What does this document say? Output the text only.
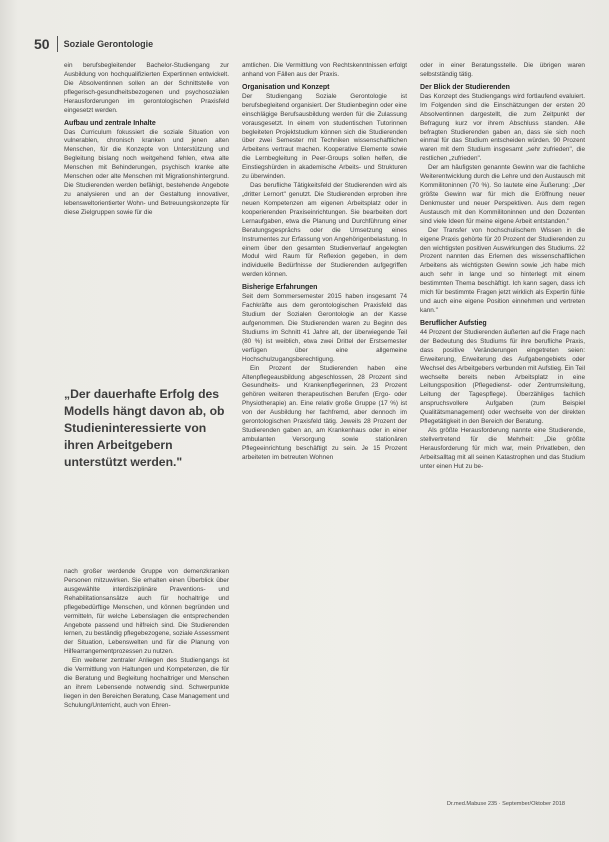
50	Soziale Gerontologie

ein berufsbegleitender Bachelor-Studiengang zur Ausbildung von hochqualifizierten Expertinnen entwickelt. Die Absolventinnen sollen an der Schnittstelle von pflegerisch-gesundheitsbezogenen und psychosozialen Herausforderungen im gerontologischen Praxisfeld eingesetzt werden.

Aufbau und zentrale Inhalte

Das Curriculum fokussiert die soziale Situation von vulnerablen, chronisch kranken und jenen alten Menschen, für die Konzepte von Unterstützung und Begleitung bislang noch weitgehend fehlen, etwa alte Menschen mit Behinderungen, psychisch kranke alte Menschen oder alte Menschen mit Migrationshintergrund. Die Studierenden werden befähigt, bestehende Angebote zu analysieren und an der Gestaltung innovativer, lebensweltorientierter Wohn- und Betreuungskonzepte für diese Zielgruppen sowie für die

„Der dauerhafte Erfolg des Modells hängt davon ab, ob Studieninteressierte von ihren Arbeitgebern unterstützt werden."

nach großer werdende Gruppe von demenzkranken Personen mitzuwirken. Sie erhalten einen Überblick über ausgewählte interdisziplinäre Praventions- und Rehabilitationsansätze auch für hochaltrige und pflegebedürftige Menschen, und können begründen und vermitteln, für welche Lebenslagen die entsprechenden Angebote passend und hilfreich sind. Die Studierenden lernen, zu beständig pflegebezogene, soziale Assessment der Situation, Lebenswelten und für die Planung von Hilfearrangementprozessen zu nutzen.

Ein weiterer zentraler Anliegen des Studiengangs ist die Vermittlung von Haltungen und Kompetenzen, die für die Beratung und Begleitung hochaltriger und Menschen an ihrem Lebensende notwendig sind. Schwerpunkte liegen in den Bereichen Beratung, Case Management und Schulung/Unterricht, auch von Ehren-

amtlichen. Die Vermittlung von Rechtskenntnissen erfolgt anhand von Fällen aus der Praxis.

Organisation und Konzept

Der Studiengang Soziale Gerontologie ist berufsbegleitend organisiert. Der Studienbeginn oder eine einschlägige Berufsausbildung werden für die Zulassung vorausgesetzt. In einem von studentischen Tutorinnen begleiteten Projektstudium können sich die Studierenden über zwei Semester mit Techniken wissenschaftlichen Arbeitens vertraut machen. Kooperative Elemente sowie die Lernbegleitung in Peer-Groups sollen helfen, die Einstiegshürden in akademische Arbeits- und Strukturen zu überwinden.

Das berufliche Tätigkeitsfeld der Studierenden wird als „dritter Lernort" genutzt. Die Studierenden erproben ihre neuen Kompetenzen am eigenen Arbeitsplatz oder in kooperierenden Praxiseinrichtungen. Sie bearbeiten dort Lernaufgaben, etwa die Planung und Durchführung einer Beratungsgesprächs oder die Umsetzung eines Instrumentes zur Erfassung von Angehörigenbelastung. In einem über den gesamten Studienverlauf angelegten Modul wird Raum für Reflexion gegeben, in dem individuelle Bedürfnisse der Studierenden aufgegriffen werden können.

Bisherige Erfahrungen

Seit dem Sommersemester 2015 haben insgesamt 74 Fachkräfte aus dem gerontologischen Praxisfeld das Studium der Sozialen Gerontologie an der Kasse aufgenommen. Die Studierenden waren zu Beginn des Studiums im Schnitt 41 Jahre alt, der überwiegende Teil (80 %) ist weiblich, etwa zwei Drittel der Erstsemester verfügen über eine allgemeine Hochschulzugangsberechtigung.

Ein Prozent der Studierenden haben eine Altenpflegeausbildung abgeschlossen, 28 Prozent sind Gesundheits- und Krankenpflegerinnen, 23 Prozent gehören weiteren therapeutischen Berufen (Ergo- oder Physiotherapie) an. Eine relativ große Gruppe (17 %) ist von der Ausbildung her fachfremd, aber dennoch im gerontologischen Praxisfeld tätig. Jeweils 28 Prozent der Studierenden gaben an, am Krankenhaus oder in einer ambulanten Versorgung sowie stationären Pflegeeinrichtung beschäftigt zu sein. Je 15 Prozent arbeiteten im betreuten Wohnen

oder in einer Beratungsstelle. Die übrigen waren selbstständig tätig.

Der Blick der Studierenden

Das Konzept des Studiengangs wird fortlaufend evaluiert. Im Folgenden sind die Einschätzungen der ersten 20 Absolventinnen dargestellt, die zum Zeitpunkt der Befragung kurz vor ihrem Abschluss standen. Alle befragten Studierenden gaben an, dass sie sich noch einmal für das Studium entscheiden würden. 90 Prozent waren mit dem Studium insgesamt „sehr zufrieden", die restlichen „zufrieden".

Der am häufigsten genannte Gewinn war die fachliche Weiterentwicklung durch die Lehre und den Austausch mit Kommilitoninnen (70 %). So lautete eine Äußerung: „Der größte Gewinn war für mich die Eröffnung neuer Denkmuster und neuer Perspektiven. Aus dem regen Austausch mit den Kommilitoninnen und den Dozenten sind viele Ideen für meine eigene Arbeit entstanden."

Der Transfer von hochschulischem Wissen in die eigene Praxis gehörte für 20 Prozent der Studierenden zu den wichtigsten positiven Auswirkungen des Studiums. 22 Prozent nannten das Erlernen des wissenschaftlichen Arbeitens als wichtigsten Gewinn sowie „ich habe mich auch sehr in lange und so hinterlegt mit einem bestimmten Thema beschäftigt. Ich kann sagen, dass ich mich für bestimmte Fragen jetzt wirklich als Expertin fühle und auch eine eigene Position einnehmen und vertreten kann."

Beruflicher Aufstieg

44 Prozent der Studierenden äußerten auf die Frage nach der Bedeutung des Studiums für ihre berufliche Praxis, dass positive Veränderungen eingetreten seien: Erweiterung, Erweiterung des Aufgabengebiets oder Wechsel des Arbeitgebers verbunden mit Aufstieg. Ein Teil wechselte bereits neben Arbeitsplatz in eine Leitungsposition (Pflegedienst- oder Zentrumsleitung, Leitung der Tagespflege). Überzähliges fachlich anspruchsvollere Aufgaben (zum Beispiel Qualitätsmanagement) oder wechselte von der direkten Pflegetätigkeit in den Bereich der Beratung.

Als größte Herausforderung nannte eine Studierende, stellvertretend für die Mehrheit: „Die größte Herausforderung für mich war, mein Privatleben, den Arbeitsalltag mit all seinen Katastrophen und das Studium unter einen Hut zu be-

Dr.med.Mabuse 235 · September/Oktober 2018
